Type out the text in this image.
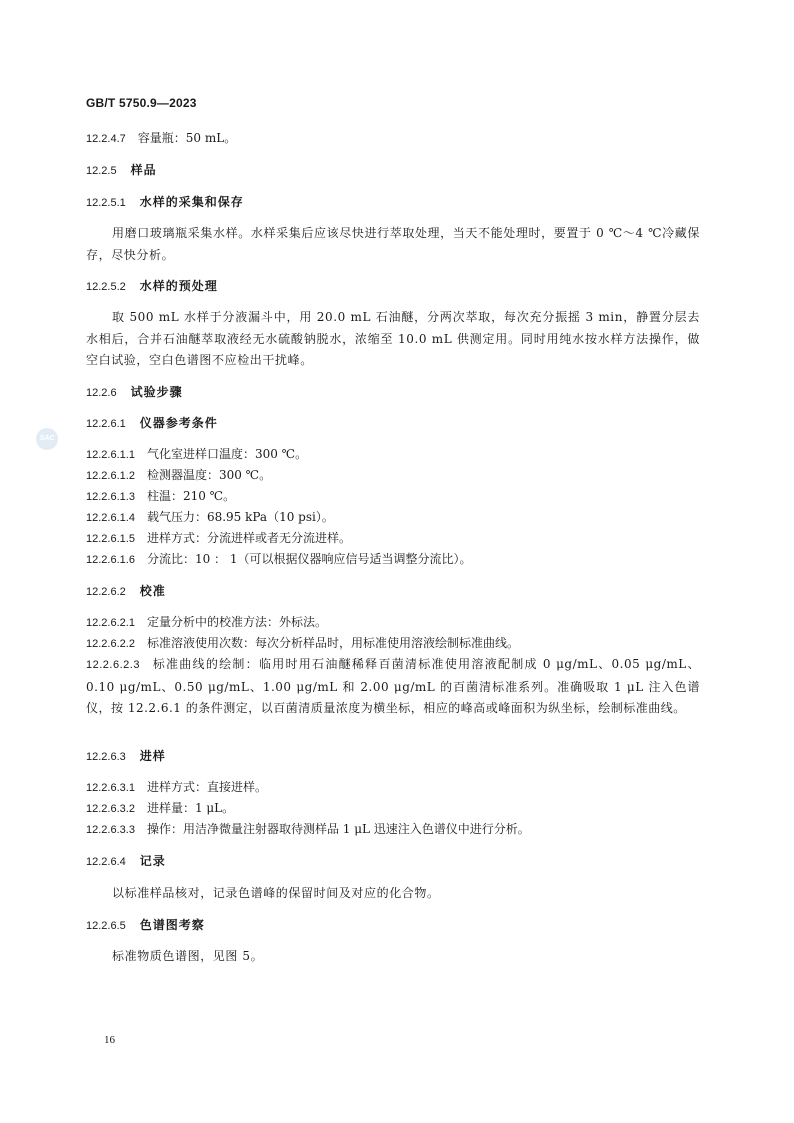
GB/T 5750.9—2023
12.2.4.7 容量瓶：50 mL。
12.2.5 样品
12.2.5.1 水样的采集和保存
用磨口玻璃瓶采集水样。水样采集后应该尽快进行萃取处理，当天不能处理时，要置于 0 ℃～4 ℃冷藏保存，尽快分析。
12.2.5.2 水样的预处理
取 500 mL 水样于分液漏斗中，用 20.0 mL 石油醚，分两次萃取，每次充分振摇 3 min，静置分层去水相后，合并石油醚萃取液经无水硫酸钠脱水，浓缩至 10.0 mL 供测定用。同时用纯水按水样方法操作，做空白试验，空白色谱图不应检出干扰峰。
12.2.6 试验步骤
12.2.6.1 仪器参考条件
12.2.6.1.1 气化室进样口温度：300 ℃。
12.2.6.1.2 检测器温度：300 ℃。
12.2.6.1.3 柱温：210 ℃。
12.2.6.1.4 载气压力：68.95 kPa（10 psi）。
12.2.6.1.5 进样方式：分流进样或者无分流进样。
12.2.6.1.6 分流比：10 ： 1（可以根据仪器响应信号适当调整分流比）。
12.2.6.2 校准
12.2.6.2.1 定量分析中的校准方法：外标法。
12.2.6.2.2 标准溶液使用次数：每次分析样品时，用标准使用溶液绘制标准曲线。
12.2.6.2.3 标准曲线的绘制：临用时用石油醚稀释百菌清标准使用溶液配制成 0 μg/mL、0.05 μg/mL、0.10 μg/mL、0.50 μg/mL、1.00 μg/mL 和 2.00 μg/mL 的百菌清标准系列。准确吸取 1 μL 注入色谱仪，按 12.2.6.1 的条件测定，以百菌清质量浓度为横坐标，相应的峰高或峰面积为纵坐标，绘制标准曲线。
12.2.6.3 进样
12.2.6.3.1 进样方式：直接进样。
12.2.6.3.2 进样量：1 μL。
12.2.6.3.3 操作：用洁净微量注射器取待测样品 1 μL 迅速注入色谱仪中进行分析。
12.2.6.4 记录
以标准样品核对，记录色谱峰的保留时间及对应的化合物。
12.2.6.5 色谱图考察
标准物质色谱图，见图 5。
SAC
16
